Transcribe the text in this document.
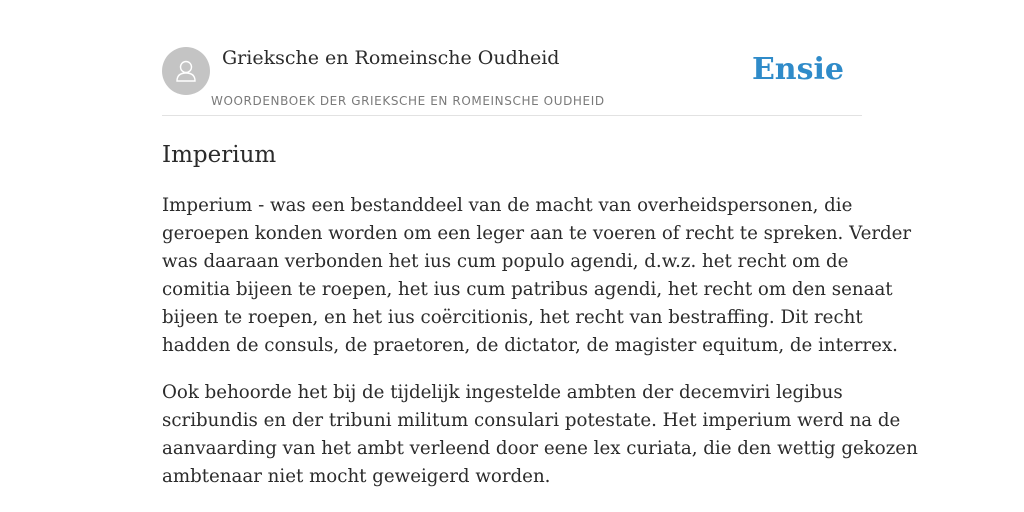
Grieksche en Romeinsche Oudheid
WOORDENBOEK DER GRIEKSCHE EN ROMEINSCHE OUDHEID
Ensie
Imperium

Imperium - was een bestanddeel van de macht van overheidspersonen, die
geroepen konden worden om een leger aan te voeren of recht te spreken. Verder
was daaraan verbonden het ius cum populo agendi, d.w.z. het recht om de
comitia bijeen te roepen, het ius cum patribus agendi, het recht om den senaat
bijeen te roepen, en het ius coërcitionis, het recht van bestraffing. Dit recht
hadden de consuls, de praetoren, de dictator, de magister equitum, de interrex.

Ook behoorde het bij de tijdelijk ingestelde ambten der decemviri legibus
scribundis en der tribuni militum consulari potestate. Het imperium werd na de
aanvaarding van het ambt verleend door eene lex curiata, die den wettig gekozen
ambtenaar niet mocht geweigerd worden.
